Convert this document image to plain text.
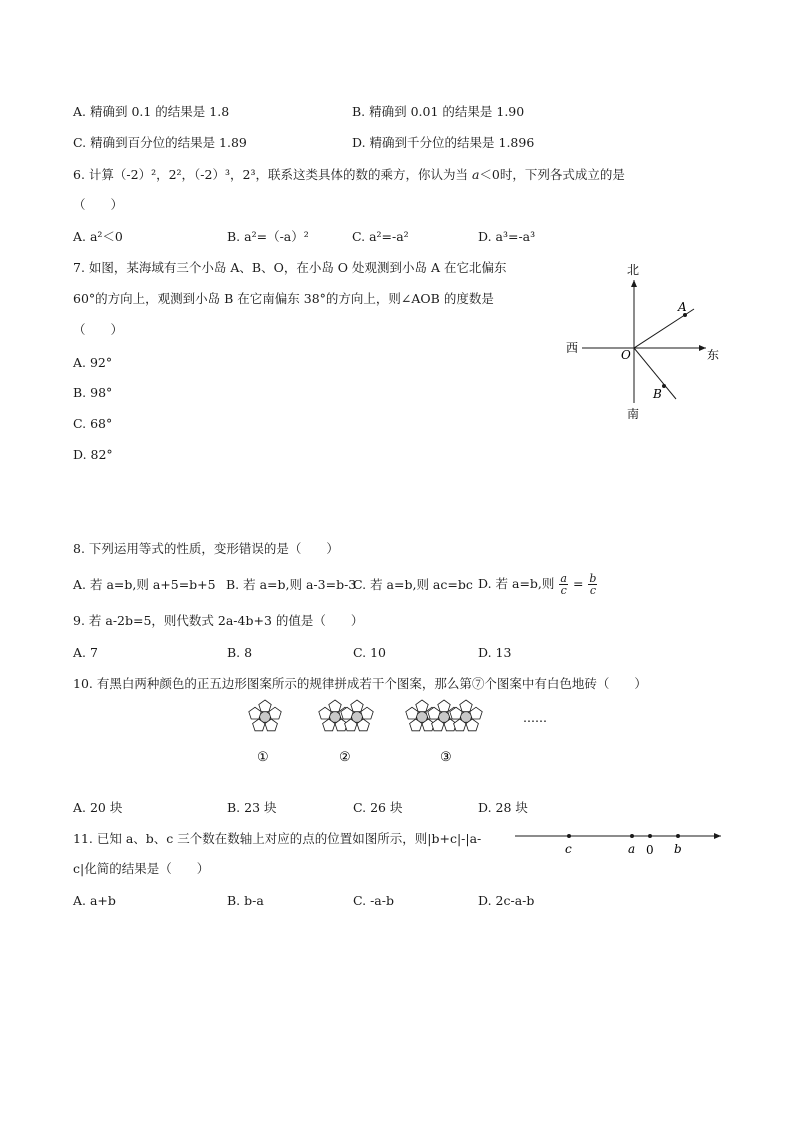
A. 精确到 0.1 的结果是 1.8	B. 精确到 0.01 的结果是 1.90
C. 精确到百分位的结果是 1.89	D. 精确到千分位的结果是 1.896
6. 计算（-2）²，2²，（-2）³，2³，联系这类具体的数的乘方，你认为当 a＜0时，下列各式成立的是
（　　）
A. a²＜0	B. a²=（-a）²	C. a²=-a²	D. a³=-a³
7. 如图，某海域有三个小岛 A、B、O，在小岛 O 处观测到小岛 A 在它北偏东
60°的方向上，观测到小岛 B 在它南偏东 38°的方向上，则∠AOB 的度数是
（　　）
A. 92°
B. 98°
C. 68°
D. 82°
北
南
西	东
A
B
O
8. 下列运用等式的性质，变形错误的是（　　）
A. 若 a=b,则 a+5=b+5 B. 若 a=b,则 a-3=b-3
C. 若 a=b,则 ac=bc D. 若 a=b,则 $\frac{a}{c} = \frac{b}{c}$
9. 若 a-2b=5，则代数式 2a-4b+3 的值是（　　）
A. 7	B. 8	C. 10	D. 13
10. 有黑白两种颜色的正五边形图案所示的规律拼成若干个图案，那么第⑦个图案中有白色地砖（　　）
①	②	③
……
A. 20 块	B. 23 块	C. 26 块	D. 28 块
11. 已知 a、b、c 三个数在数轴上对应的点的位置如图所示，则|b+c|-|a-
c|化简的结果是（　　）
c	a 0 b
A. a+b	B. b-a	C. -a-b	D. 2c-a-b
